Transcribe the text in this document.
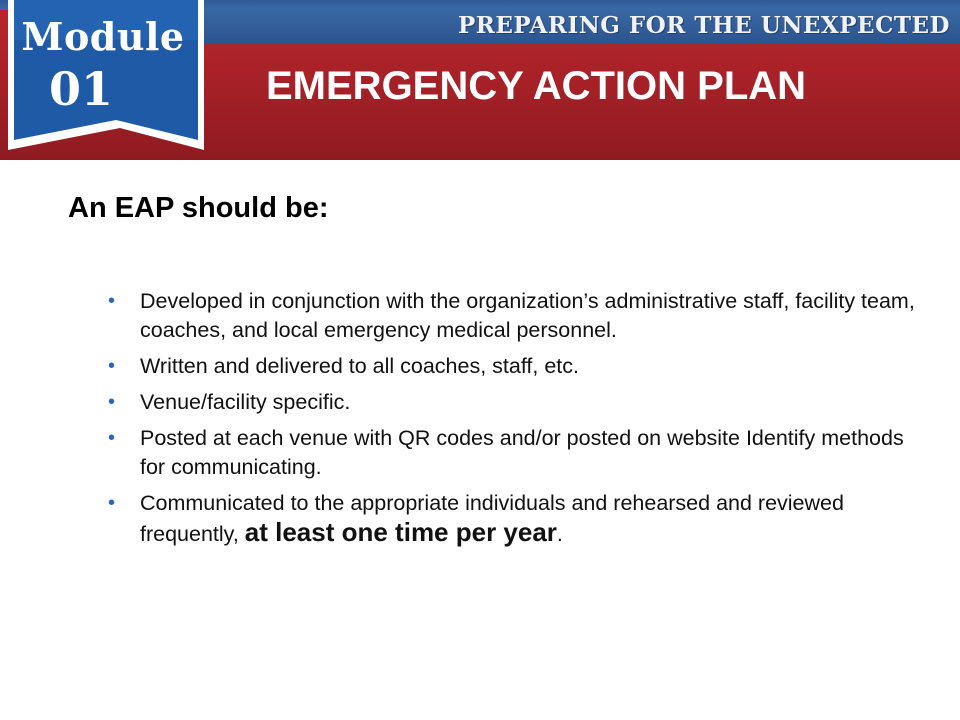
PREPARING FOR THE UNEXPECTED
EMERGENCY ACTION PLAN
Module
01
An EAP should be:
• Developed in conjunction with the organization’s administrative staff, facility team, coaches, and local emergency medical personnel.
• Written and delivered to all coaches, staff, etc.
• Venue/facility specific.
• Posted at each venue with QR codes and/or posted on website Identify methods for communicating.
• Communicated to the appropriate individuals and rehearsed and reviewed frequently, at least one time per year.
